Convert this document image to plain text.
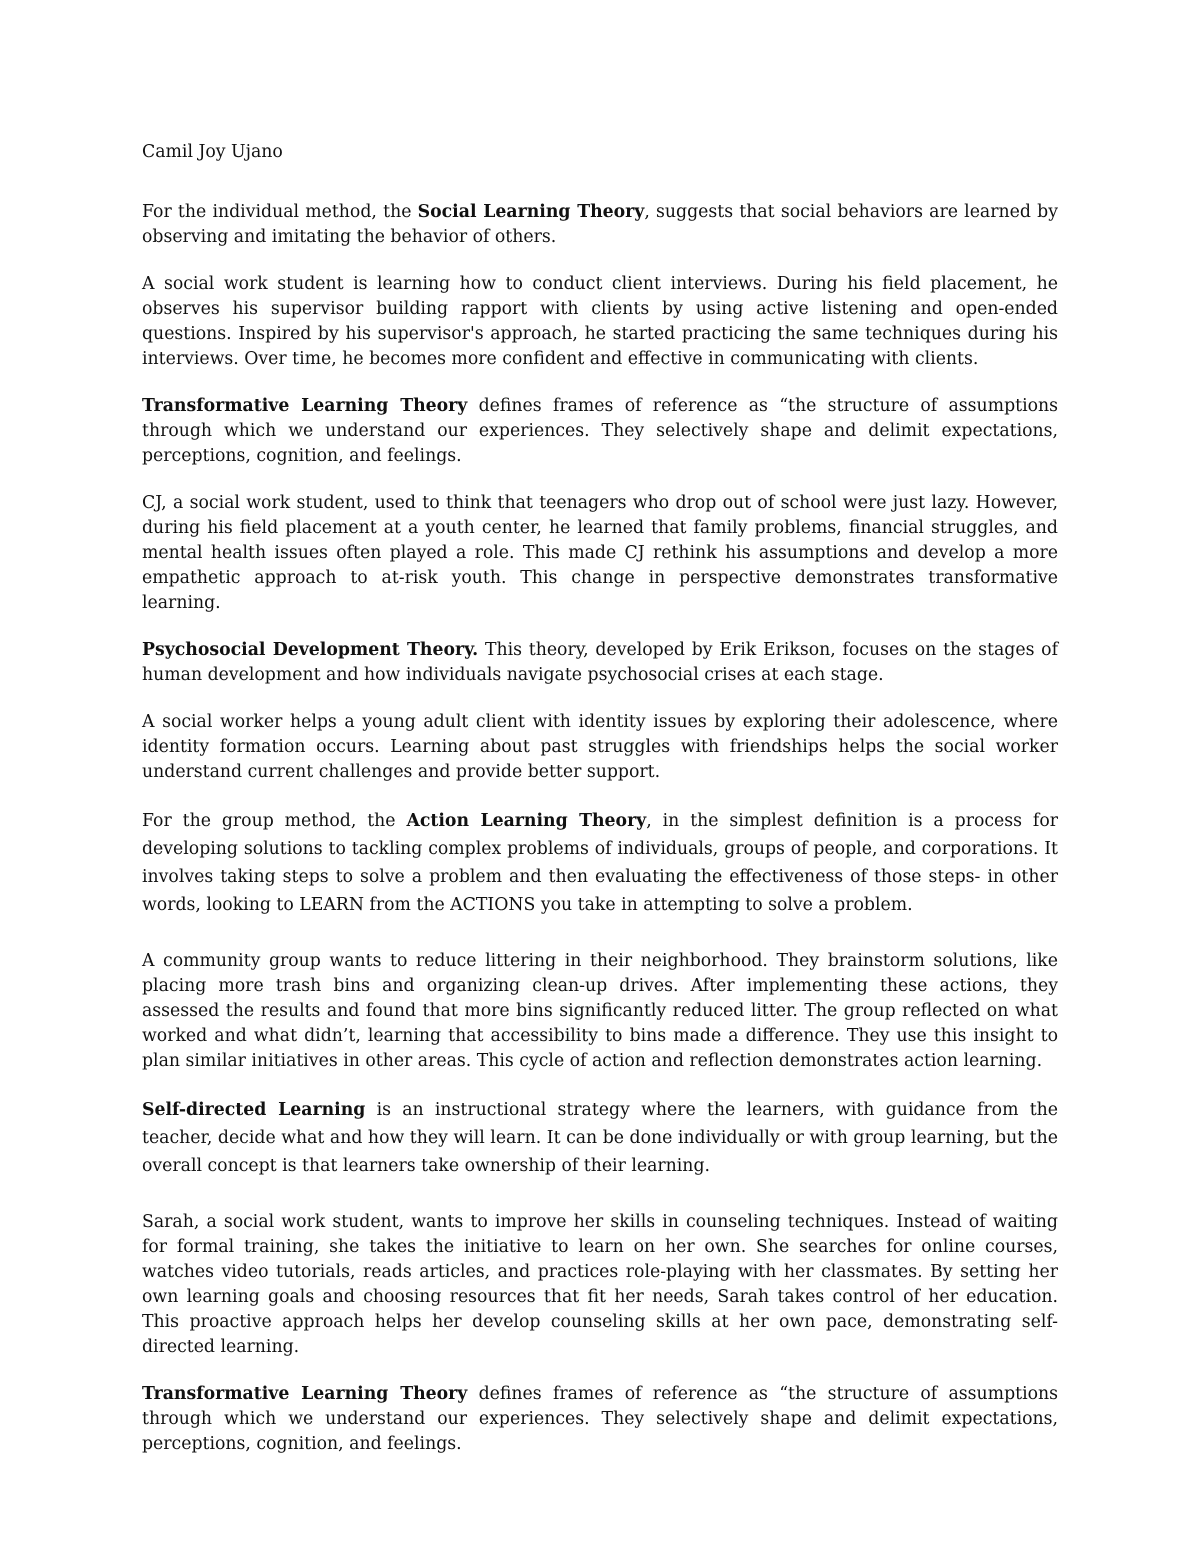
Camil Joy Ujano

For the individual method, the Social Learning Theory, suggests that social behaviors are learned by observing and imitating the behavior of others.

A social work student is learning how to conduct client interviews. During his field placement, he observes his supervisor building rapport with clients by using active listening and open-ended questions. Inspired by his supervisor's approach, he started practicing the same techniques during his interviews. Over time, he becomes more confident and effective in communicating with clients.

Transformative Learning Theory defines frames of reference as “the structure of assumptions through which we understand our experiences. They selectively shape and delimit expectations, perceptions, cognition, and feelings.

CJ, a social work student, used to think that teenagers who drop out of school were just lazy. However, during his field placement at a youth center, he learned that family problems, financial struggles, and mental health issues often played a role. This made CJ rethink his assumptions and develop a more empathetic approach to at-risk youth. This change in perspective demonstrates transformative learning.

Psychosocial Development Theory. This theory, developed by Erik Erikson, focuses on the stages of human development and how individuals navigate psychosocial crises at each stage.

A social worker helps a young adult client with identity issues by exploring their adolescence, where identity formation occurs. Learning about past struggles with friendships helps the social worker understand current challenges and provide better support.

For the group method, the Action Learning Theory, in the simplest definition is a process for developing solutions to tackling complex problems of individuals, groups of people, and corporations. It involves taking steps to solve a problem and then evaluating the effectiveness of those steps- in other words, looking to LEARN from the ACTIONS you take in attempting to solve a problem.

A community group wants to reduce littering in their neighborhood. They brainstorm solutions, like placing more trash bins and organizing clean-up drives. After implementing these actions, they assessed the results and found that more bins significantly reduced litter. The group reflected on what worked and what didn’t, learning that accessibility to bins made a difference. They use this insight to plan similar initiatives in other areas. This cycle of action and reflection demonstrates action learning.

Self-directed Learning is an instructional strategy where the learners, with guidance from the teacher, decide what and how they will learn. It can be done individually or with group learning, but the overall concept is that learners take ownership of their learning.

Sarah, a social work student, wants to improve her skills in counseling techniques. Instead of waiting for formal training, she takes the initiative to learn on her own. She searches for online courses, watches video tutorials, reads articles, and practices role-playing with her classmates. By setting her own learning goals and choosing resources that fit her needs, Sarah takes control of her education. This proactive approach helps her develop counseling skills at her own pace, demonstrating self-directed learning.

Transformative Learning Theory defines frames of reference as “the structure of assumptions through which we understand our experiences. They selectively shape and delimit expectations, perceptions, cognition, and feelings.
